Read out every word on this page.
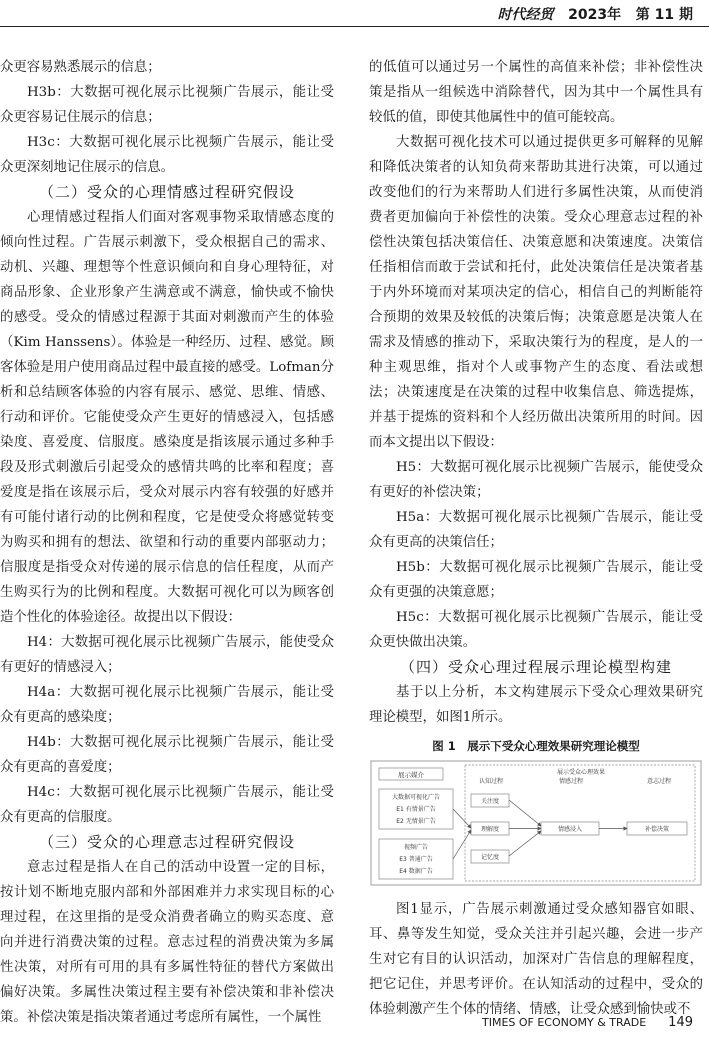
时代经贸 2023年 第 11 期

众更容易熟悉展示的信息；

H3b：大数据可视化展示比视频广告展示，能让受众更容易记住展示的信息；

H3c：大数据可视化展示比视频广告展示，能让受众更深刻地记住展示的信息。

（二）受众的心理情感过程研究假设

心理情感过程指人们面对客观事物采取情感态度的倾向性过程。广告展示刺激下，受众根据自己的需求、动机、兴趣、理想等个性意识倾向和自身心理特征，对商品形象、企业形象产生满意或不满意，愉快或不愉快的感受。受众的情感过程源于其面对刺激而产生的体验（Kim Hanssens）。体验是一种经历、过程、感觉。顾客体验是用户使用商品过程中最直接的感受。Lofman分析和总结顾客体验的内容有展示、感觉、思维、情感、行动和评价。它能使受众产生更好的情感浸入，包括感染度、喜爱度、信服度。感染度是指该展示通过多种手段及形式刺激后引起受众的感情共鸣的比率和程度；喜爱度是指在该展示后，受众对展示内容有较强的好感并有可能付诸行动的比例和程度，它是使受众将感觉转变为购买和拥有的想法、欲望和行动的重要内部驱动力；信服度是指受众对传递的展示信息的信任程度，从而产生购买行为的比例和程度。大数据可视化可以为顾客创造个性化的体验途径。故提出以下假设：

H4：大数据可视化展示比视频广告展示，能使受众有更好的情感浸入；

H4a：大数据可视化展示比视频广告展示，能让受众有更高的感染度；

H4b：大数据可视化展示比视频广告展示，能让受众有更高的喜爱度；

H4c：大数据可视化展示比视频广告展示，能让受众有更高的信服度。

（三）受众的心理意志过程研究假设

意志过程是指人在自己的活动中设置一定的目标，按计划不断地克服内部和外部困难并力求实现目标的心理过程，在这里指的是受众消费者确立的购买态度、意向并进行消费决策的过程。意志过程的消费决策为多属性决策，对所有可用的具有多属性特征的替代方案做出偏好决策。多属性决策过程主要有补偿决策和非补偿决策。补偿决策是指决策者通过考虑所有属性，一个属性

的低值可以通过另一个属性的高值来补偿；非补偿性决策是指从一组候选中消除替代，因为其中一个属性具有较低的值，即使其他属性中的值可能较高。

大数据可视化技术可以通过提供更多可解释的见解和降低决策者的认知负荷来帮助其进行决策，可以通过改变他们的行为来帮助人们进行多属性决策，从而使消费者更加偏向于补偿性的决策。受众心理意志过程的补偿性决策包括决策信任、决策意愿和决策速度。决策信任指相信而敢于尝试和托付，此处决策信任是决策者基于内外环境而对某项决定的信心，相信自己的判断能符合预期的效果及较低的决策后悔；决策意愿是决策人在需求及情感的推动下，采取决策行为的程度，是人的一种主观思维，指对个人或事物产生的态度、看法或想法；决策速度是在决策的过程中收集信息、筛选提炼，并基于提炼的资料和个人经历做出决策所用的时间。因而本文提出以下假设：

H5：大数据可视化展示比视频广告展示，能使受众有更好的补偿决策；

H5a：大数据可视化展示比视频广告展示，能让受众有更高的决策信任；

H5b：大数据可视化展示比视频广告展示，能让受众有更强的决策意愿；

H5c：大数据可视化展示比视频广告展示，能让受众更快做出决策。

（四）受众心理过程展示理论模型构建

基于以上分析，本文构建展示下受众心理效果研究理论模型，如图1所示。

图 1　展示下受众心理效果研究理论模型
展示媒介
大数据可视化广告
E1 有情景广告
E2 无情景广告
视频广告
E3 普通广告
E4 数据广告
展示受众心理效果
认知过程	情感过程	意志过程
关注度
理解度
记忆度
情感浸入	补偿决策

图1显示，广告展示刺激通过受众感知器官如眼、耳、鼻等发生知觉，受众关注并引起兴趣，会进一步产生对它有目的认识活动，加深对广告信息的理解程度，把它记住，并思考评价。在认知活动的过程中，受众的体验刺激产生个体的情绪、情感，让受众感到愉快或不

TIMES OF ECONOMY & TRADE 149
